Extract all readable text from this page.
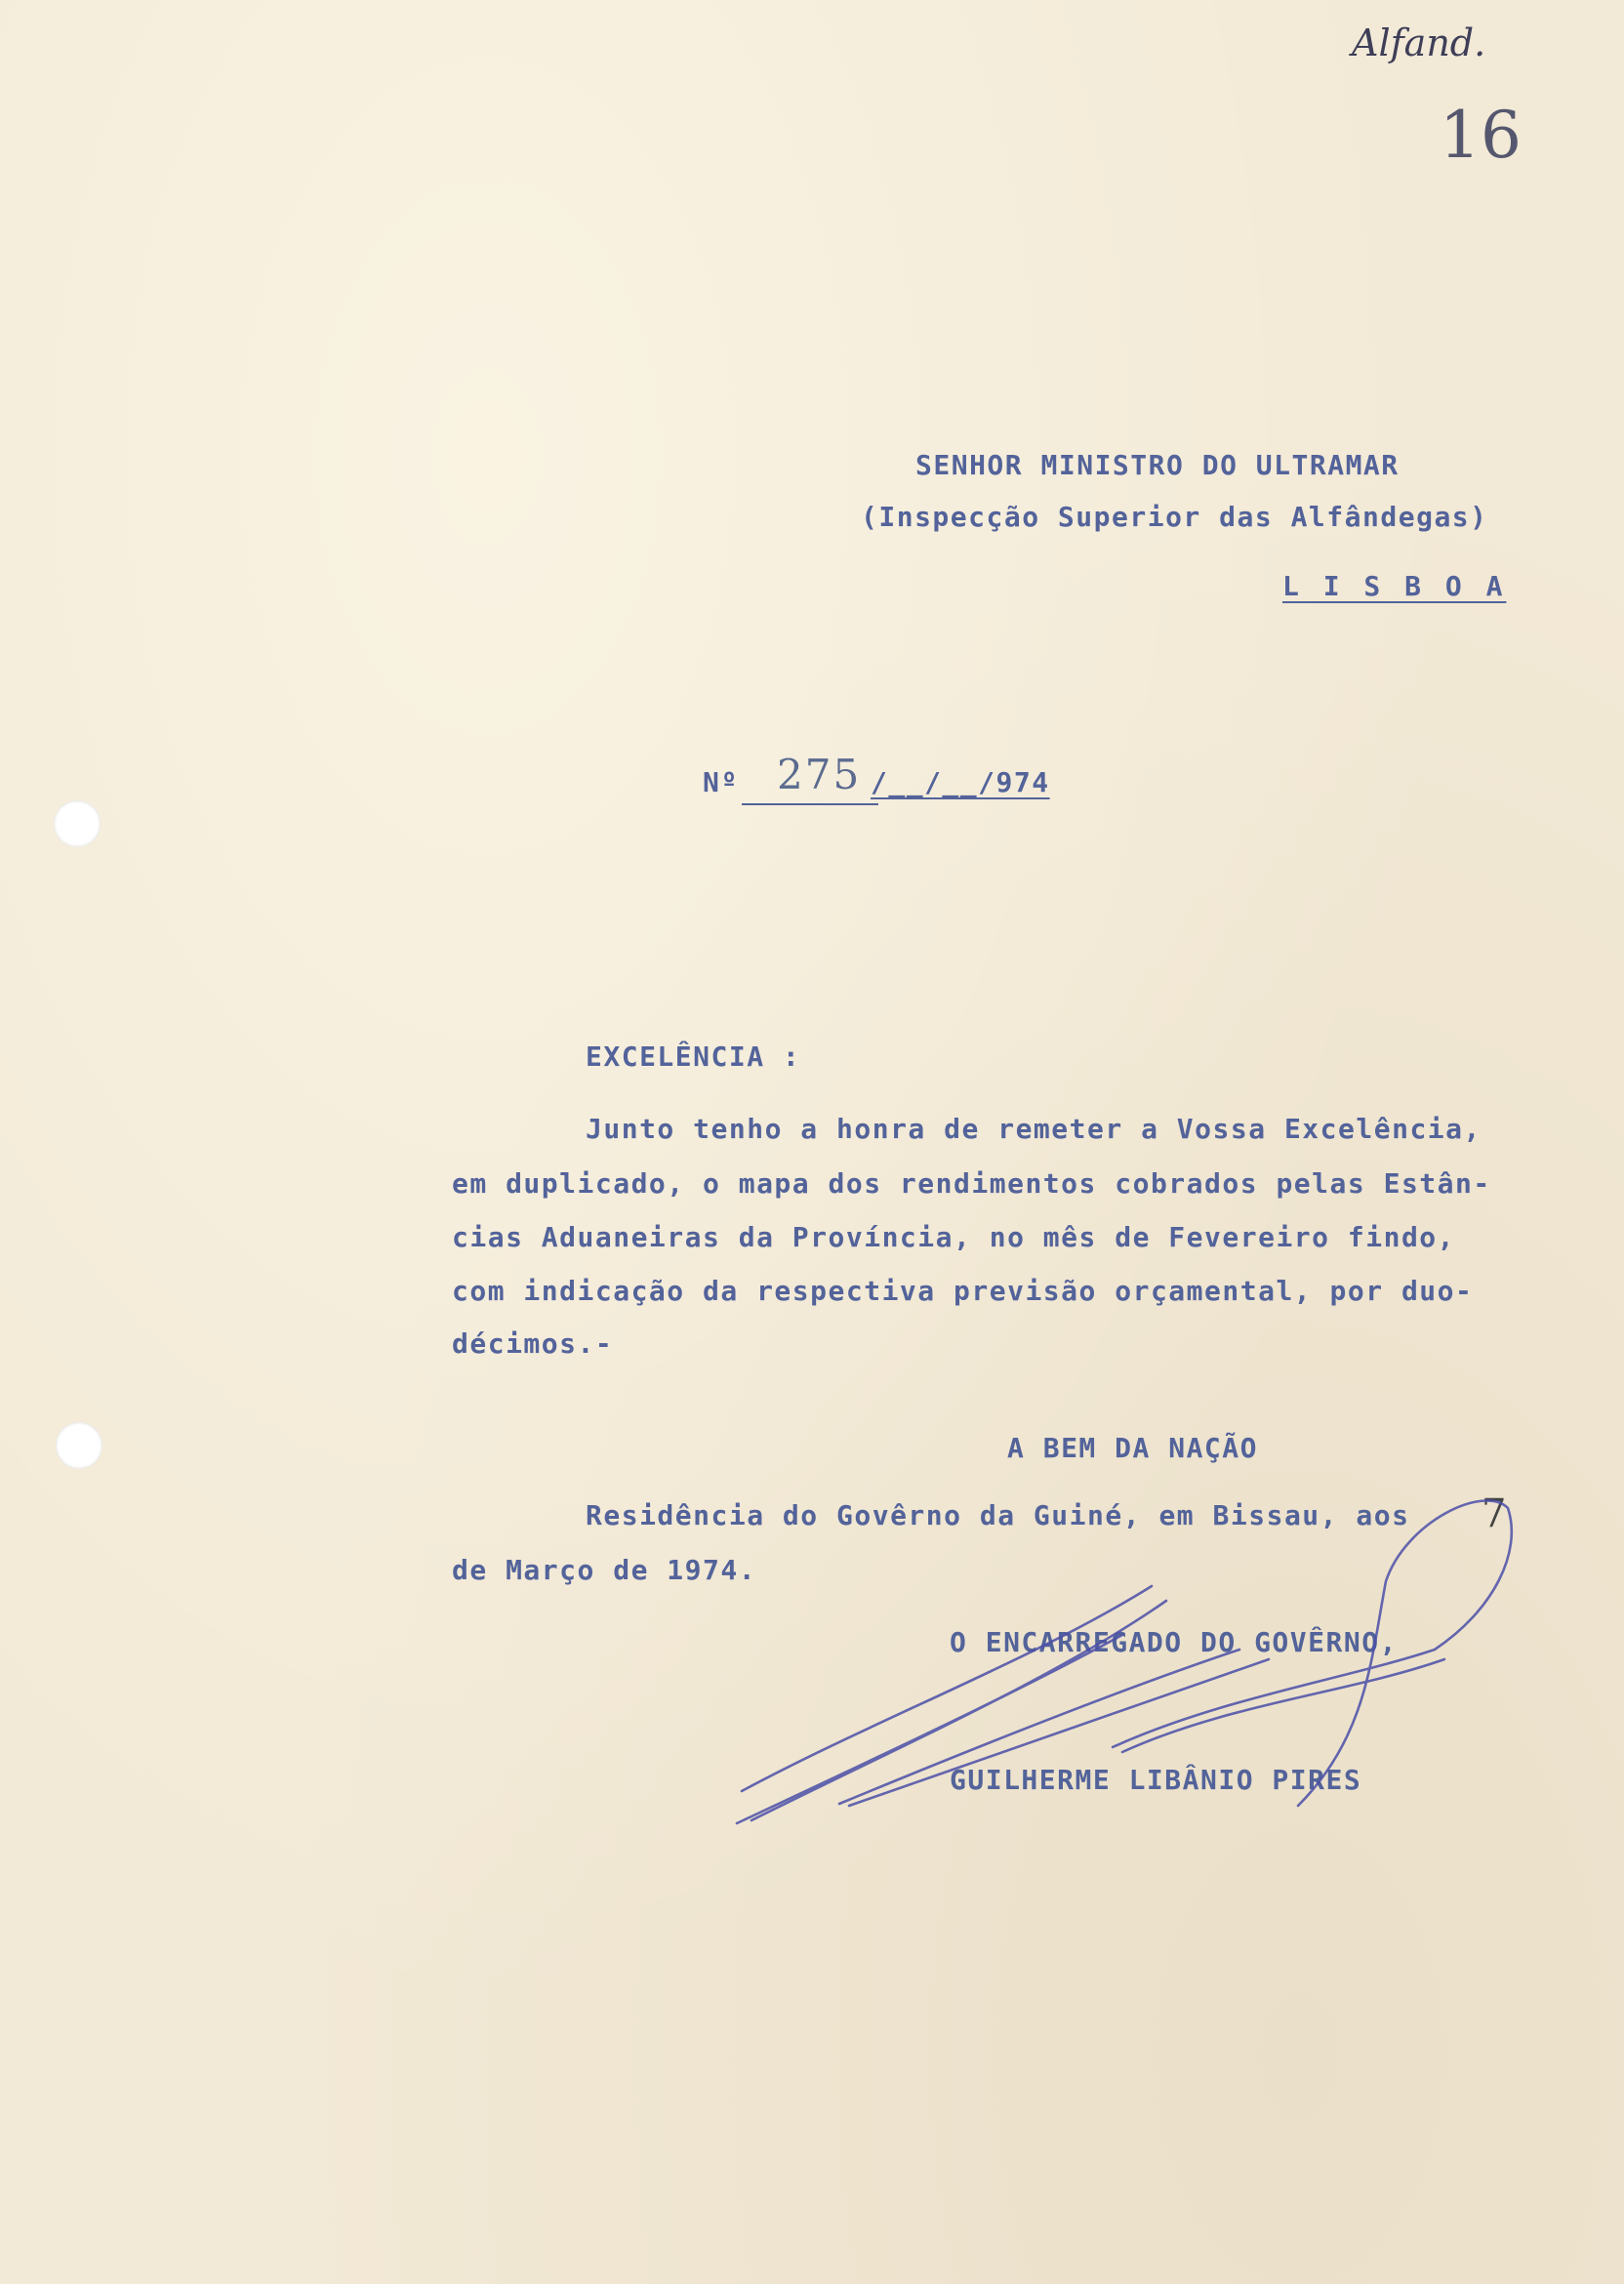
Alfand.
16
SENHOR MINISTRO DO ULTRAMAR
(Inspecção Superior das Alfândegas)
L I S B O A
Nº 275 /__/__/974
EXCELÊNCIA :
Junto tenho a honra de remeter a Vossa Excelência,
em duplicado, o mapa dos rendimentos cobrados pelas Estân-
cias Aduaneiras da Província, no mês de Fevereiro findo,
com indicação da respectiva previsão orçamental, por duo-
décimos.-
A BEM DA NAÇÃO
Residência do Govêrno da Guiné, em Bissau, aos 7
de Março de 1974.
O ENCARREGADO DO GOVÊRNO,
GUILHERME LIBÂNIO PIRES
